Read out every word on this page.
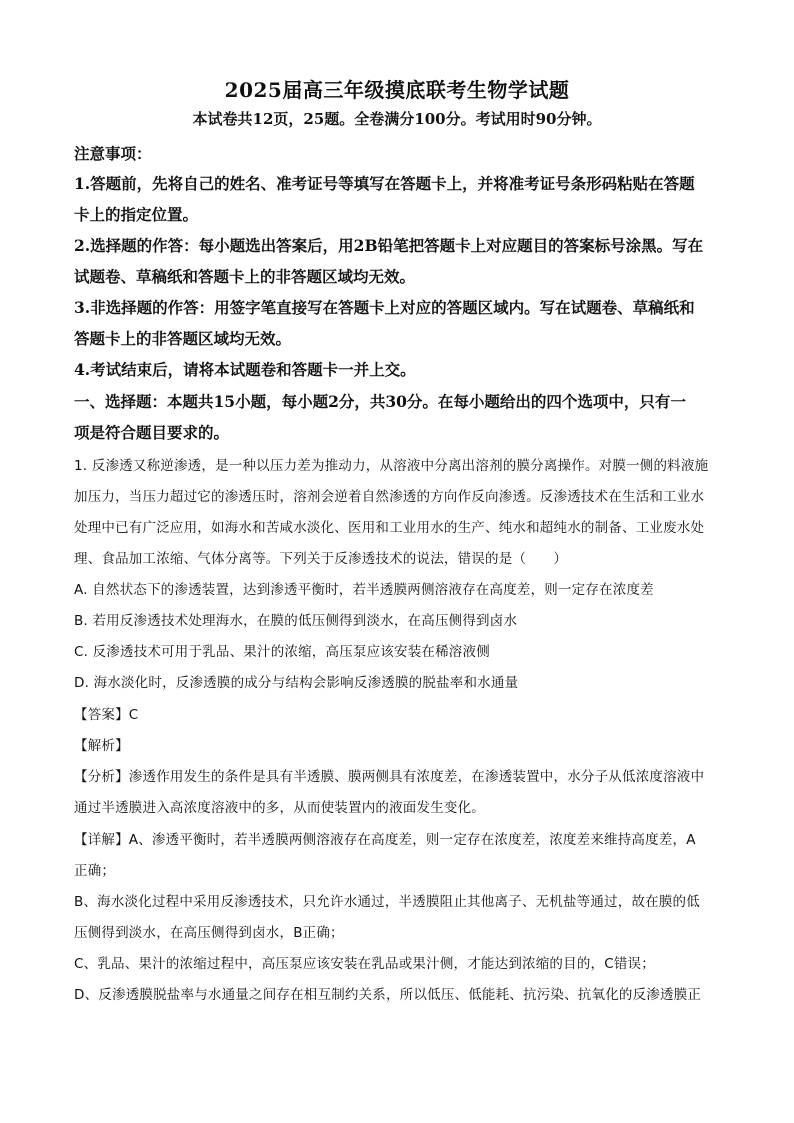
2025届高三年级摸底联考生物学试题
本试卷共12页，25题。全卷满分100分。考试用时90分钟。
注意事项：
1.答题前，先将自己的姓名、准考证号等填写在答题卡上，并将准考证号条形码粘贴在答题
卡上的指定位置。
2.选择题的作答：每小题选出答案后，用2B铅笔把答题卡上对应题目的答案标号涂黑。写在
试题卷、草稿纸和答题卡上的非答题区域均无效。
3.非选择题的作答：用签字笔直接写在答题卡上对应的答题区域内。写在试题卷、草稿纸和
答题卡上的非答题区域均无效。
4.考试结束后，请将本试题卷和答题卡一并上交。
一、选择题：本题共15小题，每小题2分，共30分。在每小题给出的四个选项中，只有一
项是符合题目要求的。
1. 反渗透又称逆渗透，是一种以压力差为推动力，从溶液中分离出溶剂的膜分离操作。对膜一侧的料液施
加压力，当压力超过它的渗透压时，溶剂会逆着自然渗透的方向作反向渗透。反渗透技术在生活和工业水
处理中已有广泛应用，如海水和苦咸水淡化、医用和工业用水的生产、纯水和超纯水的制备、工业废水处
理、食品加工浓缩、气体分离等。下列关于反渗透技术的说法，错误的是（　　）
A. 自然状态下的渗透装置，达到渗透平衡时，若半透膜两侧溶液存在高度差，则一定存在浓度差
B. 若用反渗透技术处理海水，在膜的低压侧得到淡水，在高压侧得到卤水
C. 反渗透技术可用于乳品、果汁的浓缩，高压泵应该安装在稀溶液侧
D. 海水淡化时，反渗透膜的成分与结构会影响反渗透膜的脱盐率和水通量
【答案】C
【解析】
【分析】渗透作用发生的条件是具有半透膜、膜两侧具有浓度差，在渗透装置中，水分子从低浓度溶液中
通过半透膜进入高浓度溶液中的多，从而使装置内的液面发生变化。
【详解】A、渗透平衡时，若半透膜两侧溶液存在高度差，则一定存在浓度差，浓度差来维持高度差，A
正确；
B、海水淡化过程中采用反渗透技术，只允许水通过，半透膜阻止其他离子、无机盐等通过，故在膜的低
压侧得到淡水，在高压侧得到卤水，B正确；
C、乳品、果汁的浓缩过程中，高压泵应该安装在乳品或果汁侧，才能达到浓缩的目的，C错误；
D、反渗透膜脱盐率与水通量之间存在相互制约关系，所以低压、低能耗、抗污染、抗氧化的反渗透膜正
